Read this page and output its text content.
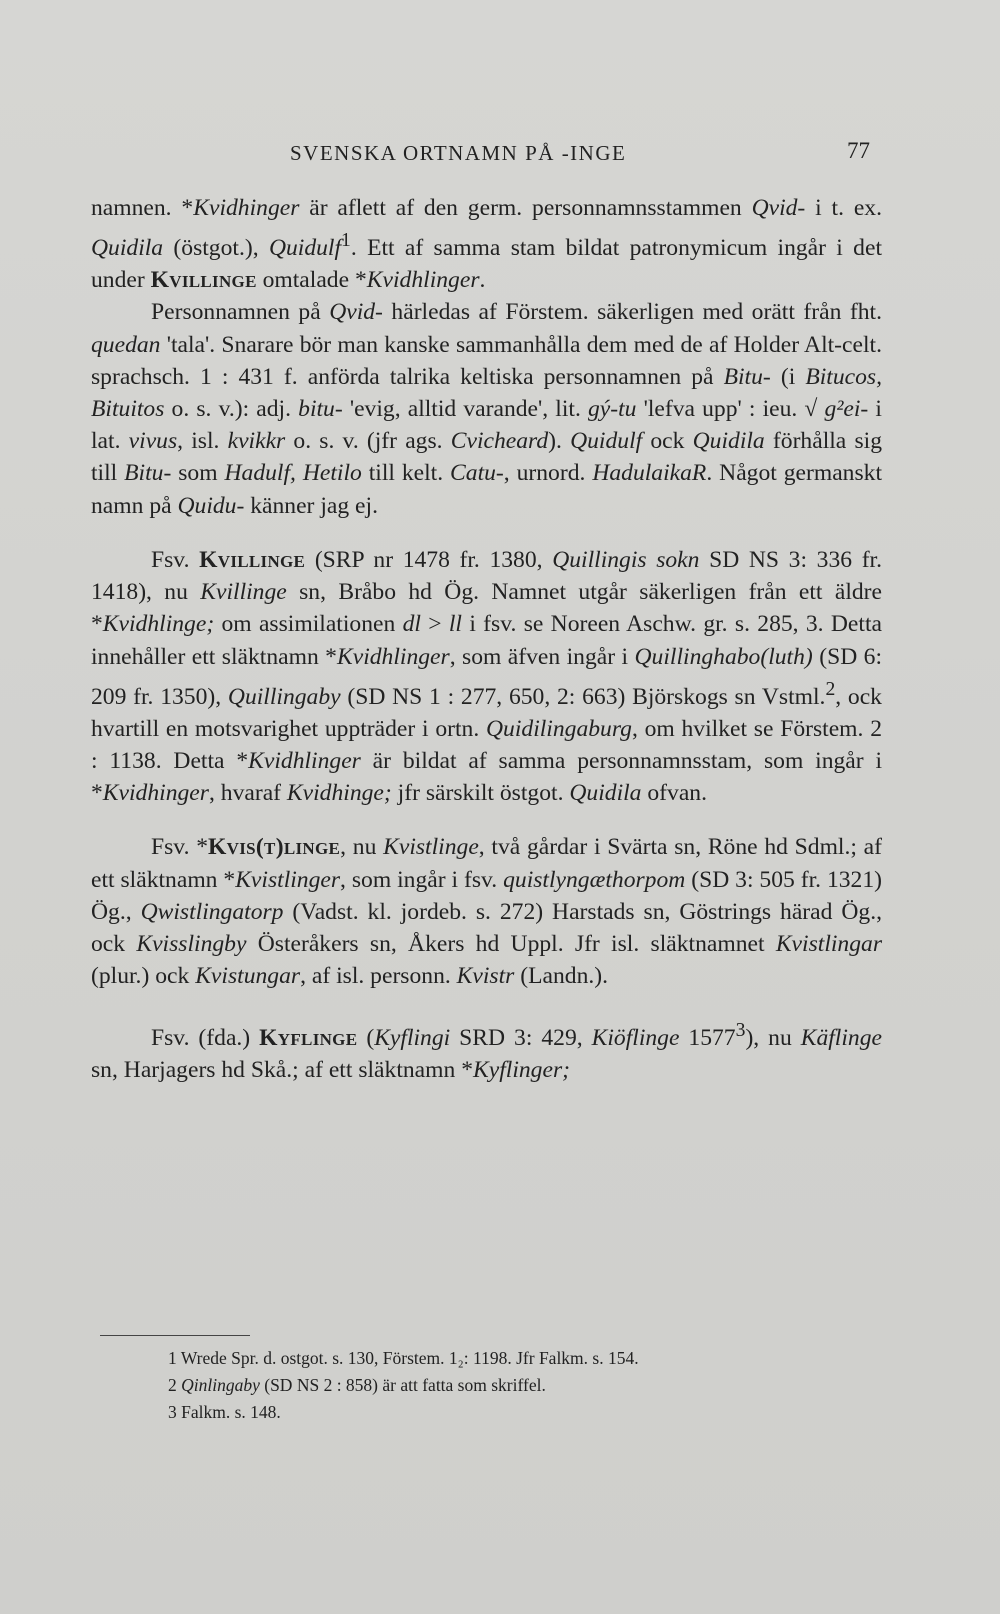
SVENSKA ORTNAMN PÅ -INGE	77

namnen. *Kvidhinger är aflett af den germ. personnamnsstammen Qvid- i t. ex. Quidila (östgot.), Quidulf$^1$. Ett af samma stam bildat patronymicum ingår i det under Kvillinge omtalade *Kvidhlinger.

Personnamnen på Qvid- härledas af Förstem. säkerligen med orätt från fht. quedan 'tala'. Snarare bör man kanske sammanhålla dem med de af Holder Alt-celt. sprachsch. 1 : 431 f. anförda talrika keltiska personnamnen på Bitu- (i Bitucos, Bituitos o. s. v.): adj. bitu- 'evig, alltid varande', lit. gý-tu 'lefva upp' : ieu. √ g²ei- i lat. vivus, isl. kvikkr o. s. v. (jfr ags. Cvicheard). Quidulf ock Quidila förhålla sig till Bitu- som Hadulf, Hetilo till kelt. Catu-, urnord. HadulaikaR. Något germanskt namn på Quidu- känner jag ej.

Fsv. Kvillinge (SRP nr 1478 fr. 1380, Quillingis sokn SD NS 3: 336 fr. 1418), nu Kvillinge sn, Bråbo hd Ög. Namnet utgår säkerligen från ett äldre *Kvidhlinge; om assimilationen dl > ll i fsv. se Noreen Aschw. gr. s. 285, 3. Detta innehåller ett släktnamn *Kvidhlinger, som äfven ingår i Quillinghabo(luth) (SD 6: 209 fr. 1350), Quillingaby (SD NS 1 : 277, 650, 2: 663) Björskogs sn Vstml.$^2$, ock hvartill en motsvarighet uppträder i ortn. Quidilingaburg, om hvilket se Förstem. 2 : 1138. Detta *Kvidhlinger är bildat af samma personnamnsstam, som ingår i *Kvidhinger, hvaraf Kvidhinge; jfr särskilt östgot. Quidila ofvan.

Fsv. *Kvis(t)linge, nu Kvistlinge, två gårdar i Svärta sn, Röne hd Sdml.; af ett släktnamn *Kvistlinger, som ingår i fsv. quistlyngæthorpom (SD 3: 505 fr. 1321) Ög., Qwistlingatorp (Vadst. kl. jordeb. s. 272) Harstads sn, Göstrings härad Ög., ock Kvisslingby Österåkers sn, Åkers hd Uppl. Jfr isl. släktnamnet Kvistlingar (plur.) ock Kvistungar, af isl. personn. Kvistr (Landn.).

Fsv. (fda.) Kyflinge (Kyflingi SRD 3: 429, Kiöflinge 1577$^3$), nu Käflinge sn, Harjagers hd Skå.; af ett släktnamn *Kyflinger;

1 Wrede Spr. d. ostgot. s. 130, Förstem. 1₂: 1198. Jfr Falkm. s. 154.

2 Qinlingaby (SD NS 2 : 858) är att fatta som skriffel.

3 Falkm. s. 148.
